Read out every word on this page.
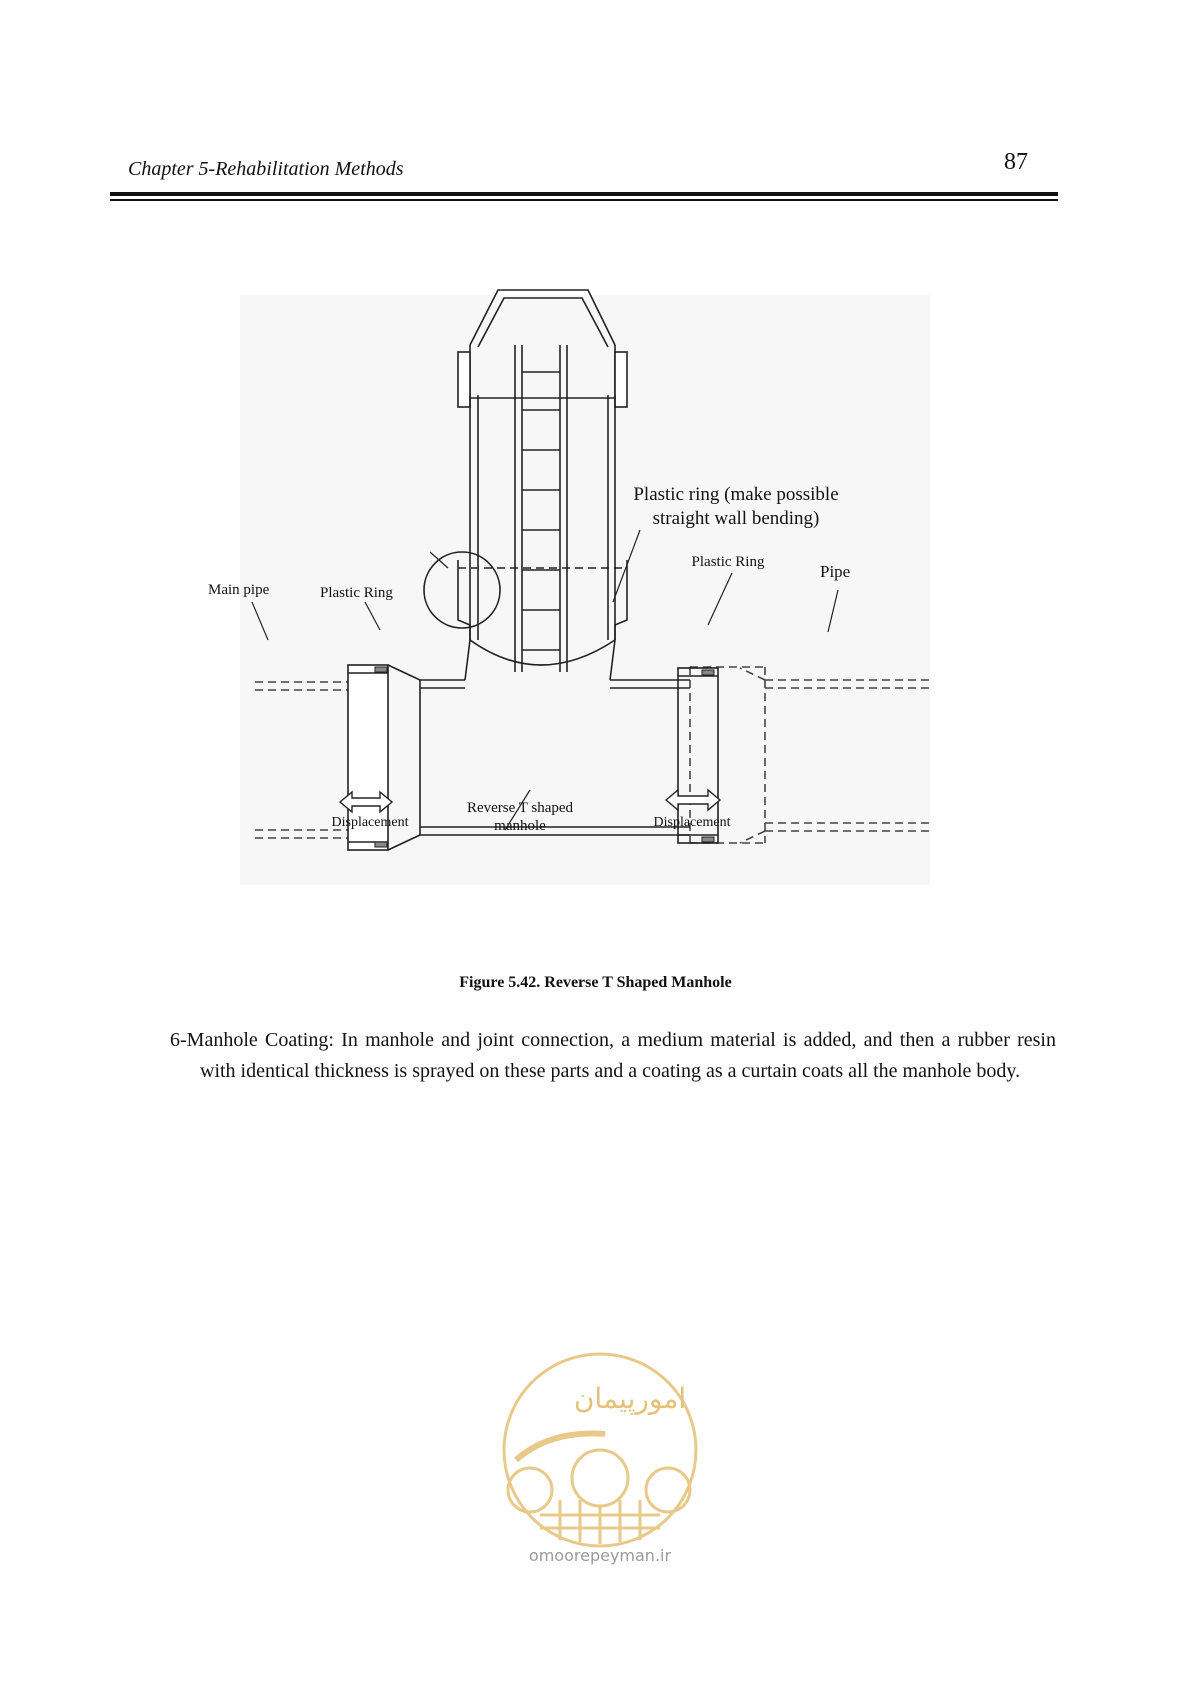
Chapter 5-Rehabilitation Methods	87
Main pipe	Plastic Ring
Plastic ring (make possible
straight wall bending)
Plastic Ring	Pipe
Reverse T shaped
manhole
Displacement	Displacement
Figure 5.42. Reverse T Shaped Manhole
6-Manhole Coating: In manhole and joint connection, a medium material is added, and then a rubber resin with identical thickness is sprayed on these parts and a coating as a curtain coats all the manhole body.
امورپیمان
omoorepeyman.ir
